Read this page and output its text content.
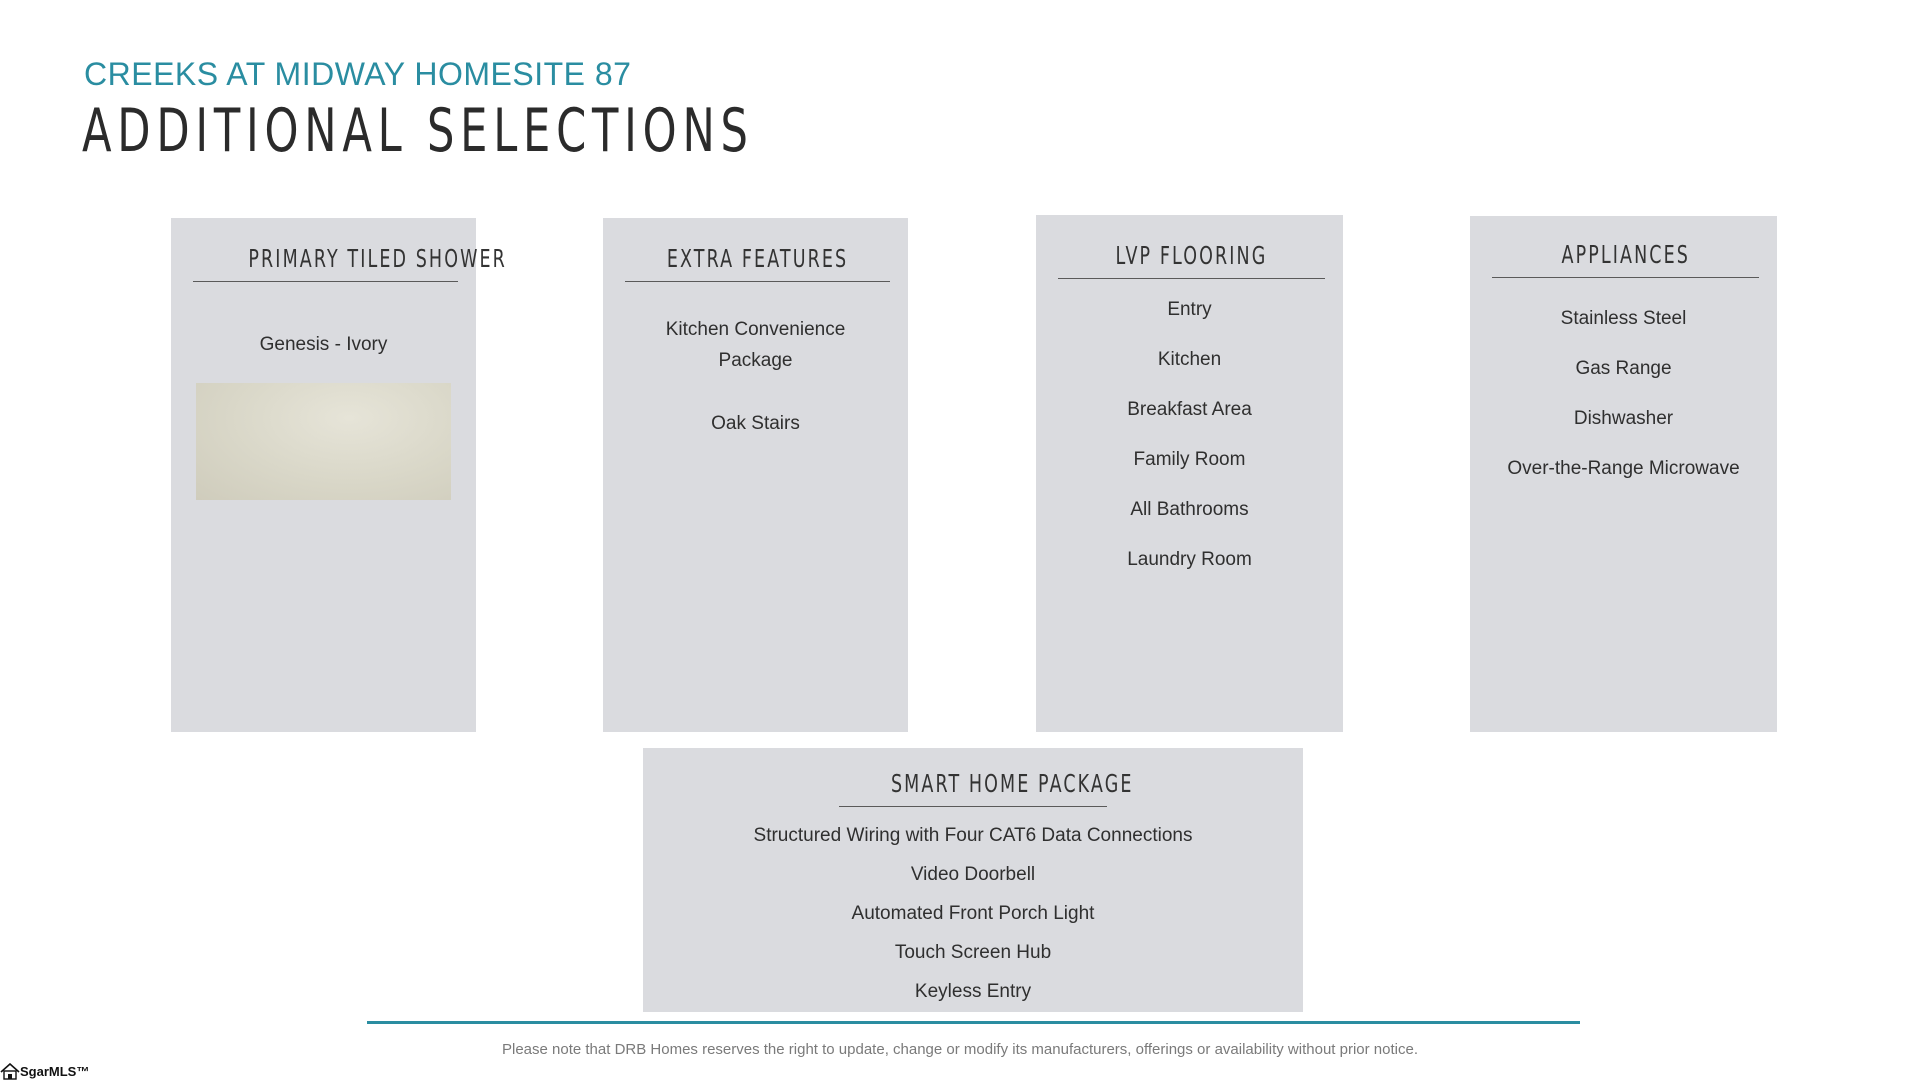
CREEKS AT MIDWAY HOMESITE 87
ADDITIONAL SELECTIONS
PRIMARY TILED SHOWER
Genesis - Ivory
EXTRA FEATURES
Kitchen Convenience
Package
Oak Stairs
LVP FLOORING
Entry
Kitchen
Breakfast Area
Family Room
All Bathrooms
Laundry Room
APPLIANCES
Stainless Steel
Gas Range
Dishwasher
Over-the-Range Microwave
SMART HOME PACKAGE
Structured Wiring with Four CAT6 Data Connections
Video Doorbell
Automated Front Porch Light
Touch Screen Hub
Keyless Entry
Please note that DRB Homes reserves the right to update, change or modify its manufacturers, offerings or availability without prior notice.
SgarMLS™
